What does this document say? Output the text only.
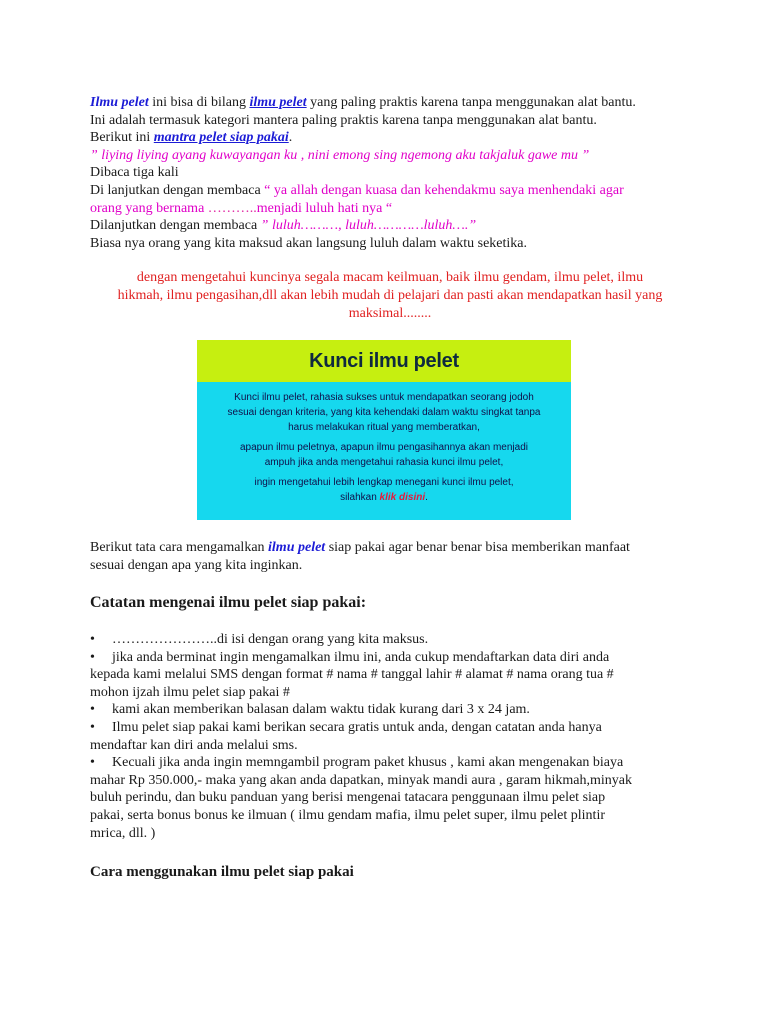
Ilmu pelet ini bisa di bilang ilmu pelet yang paling praktis karena tanpa menggunakan alat bantu.

Ini adalah termasuk kategori mantera paling praktis karena tanpa menggunakan alat bantu.

Berikut ini mantra pelet siap pakai.

” liying liying ayang kuwayangan ku , nini emong sing ngemong aku takjaluk gawe mu ”

Dibaca tiga kali

Di lanjutkan dengan membaca “ ya allah dengan kuasa dan kehendakmu saya menhendaki agar

orang yang bernama ………..menjadi luluh hati nya “

Dilanjutkan dengan membaca ” luluh………, luluh…………luluh….”

Biasa nya orang yang kita maksud akan langsung luluh dalam waktu seketika.

dengan mengetahui kuncinya segala macam keilmuan, baik ilmu gendam, ilmu pelet, ilmu
hikmah, ilmu pengasihan,dll akan lebih mudah di pelajari dan pasti akan mendapatkan hasil yang
maksimal........
Kunci ilmu pelet

Kunci ilmu pelet, rahasia sukses untuk mendapatkan seorang jodoh

sesuai dengan kriteria, yang kita kehendaki dalam waktu singkat tanpa

harus melakukan ritual yang memberatkan,

apapun ilmu peletnya, apapun ilmu pengasihannya akan menjadi

ampuh jika anda mengetahui rahasia kunci ilmu pelet,

ingin mengetahui lebih lengkap menegani kunci ilmu pelet,

silahkan klik disini.

Berikut tata cara mengamalkan ilmu pelet siap pakai agar benar benar bisa memberikan manfaat

sesuai dengan apa yang kita inginkan.

Catatan mengenai ilmu pelet siap pakai:

• …………………..di isi dengan orang yang kita maksus.

• jika anda berminat ingin mengamalkan ilmu ini, anda cukup mendaftarkan data diri anda

kepada kami melalui SMS dengan format # nama # tanggal lahir # alamat # nama orang tua #

mohon ijzah ilmu pelet siap pakai #

• kami akan memberikan balasan dalam waktu tidak kurang dari 3 x 24 jam.

• Ilmu pelet siap pakai kami berikan secara gratis untuk anda, dengan catatan anda hanya

mendaftar kan diri anda melalui sms.

• Kecuali jika anda ingin memngambil program paket khusus , kami akan mengenakan biaya

mahar Rp 350.000,- maka yang akan anda dapatkan, minyak mandi aura , garam hikmah,minyak

buluh perindu, dan buku panduan yang berisi mengenai tatacara penggunaan ilmu pelet siap

pakai, serta bonus bonus ke ilmuan ( ilmu gendam mafia, ilmu pelet super, ilmu pelet plintir

mrica, dll. )

Cara menggunakan ilmu pelet siap pakai
